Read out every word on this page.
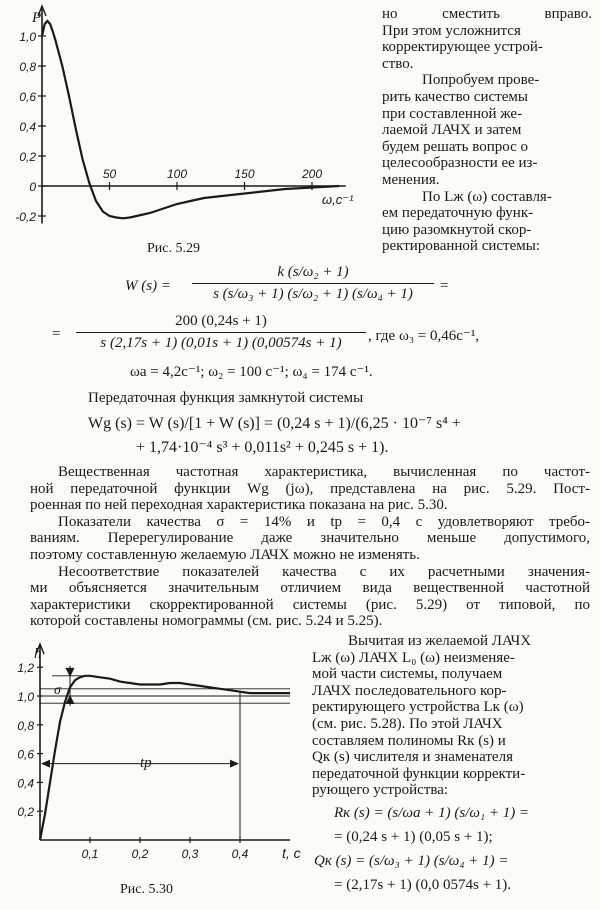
но сместить вправо.
При этом усложнится
корректирующее устрой-
ство.
Попробуем прове-
рить качество системы
при составленной же-
лаемой ЛАЧХ и затем
будем решать вопрос о
целесообразности ее из-
менения.
По Lж (ω) составля-
ем передаточную функ-
цию разомкнутой скор-
ректированной системы:
1,0
0,8
0,6
0,4
0,2
0
-0,2
50	100	150	200
P
ω,c⁻¹
Рис. 5.29
W (s) =
k (s/ω₂ + 1)
s (s/ω₃ + 1) (s/ω₂ + 1) (s/ω₄ + 1)	=
=
200 (0,24s + 1)
s (2,17s + 1) (0,01s + 1) (0,00574s + 1)	, где ω₃ = 0,46c⁻¹,
ωа = 4,2c⁻¹; ω₂ = 100 c⁻¹; ω₄ = 174 c⁻¹.
Передаточная функция замкнутой системы
Wg (s) = W (s)/[1 + W (s)] = (0,24 s + 1)/(6,25 · 10⁻⁷ s⁴ +
+ 1,74·10⁻⁴ s³ + 0,011s² + 0,245 s + 1).
Вещественная частотная характеристика, вычисленная по частот-
ной передаточной функции Wg (jω), представлена на рис. 5.29. Пост-
роенная по ней переходная характеристика показана на рис. 5.30.
Показатели качества σ = 14% и tр = 0,4 с удовлетворяют требо-
ваниям. Перерегулирование даже значительно меньше допустимого,
поэтому составленную желаемую ЛАЧХ можно не изменять.
Несоответствие показателей качества с их расчетными значения-
ми объясняется значительным отличием вида вещественной частотной
характеристики скорректированной системы (рис. 5.29) от типовой, по
которой составлены номограммы (см. рис. 5.24 и 5.25).
Вычитая из желаемой ЛАЧХ
Lж (ω) ЛАЧХ L₀ (ω) неизменяе-
мой части системы, получаем
ЛАЧХ последовательного кор-
ректирующего устройства Lк (ω)
(см. рис. 5.28). По этой ЛАЧХ
составляем полиномы Rк (s) и
Qк (s) числителя и знаменателя
передаточной функции корректи-
рующего устройства:
Rк (s) = (s/ωа + 1) (s/ω₁ + 1) =
= (0,24 s + 1) (0,05 s + 1);
Qк (s) = (s/ω₃ + 1) (s/ω₄ + 1) =
= (2,17s + 1) (0,0 0574s + 1).
1,2
1,0
0,8
0,6
0,4
0,2
0,1	0,2	0,3	0,4
h
t, c
σ
tр
Рис. 5.30
